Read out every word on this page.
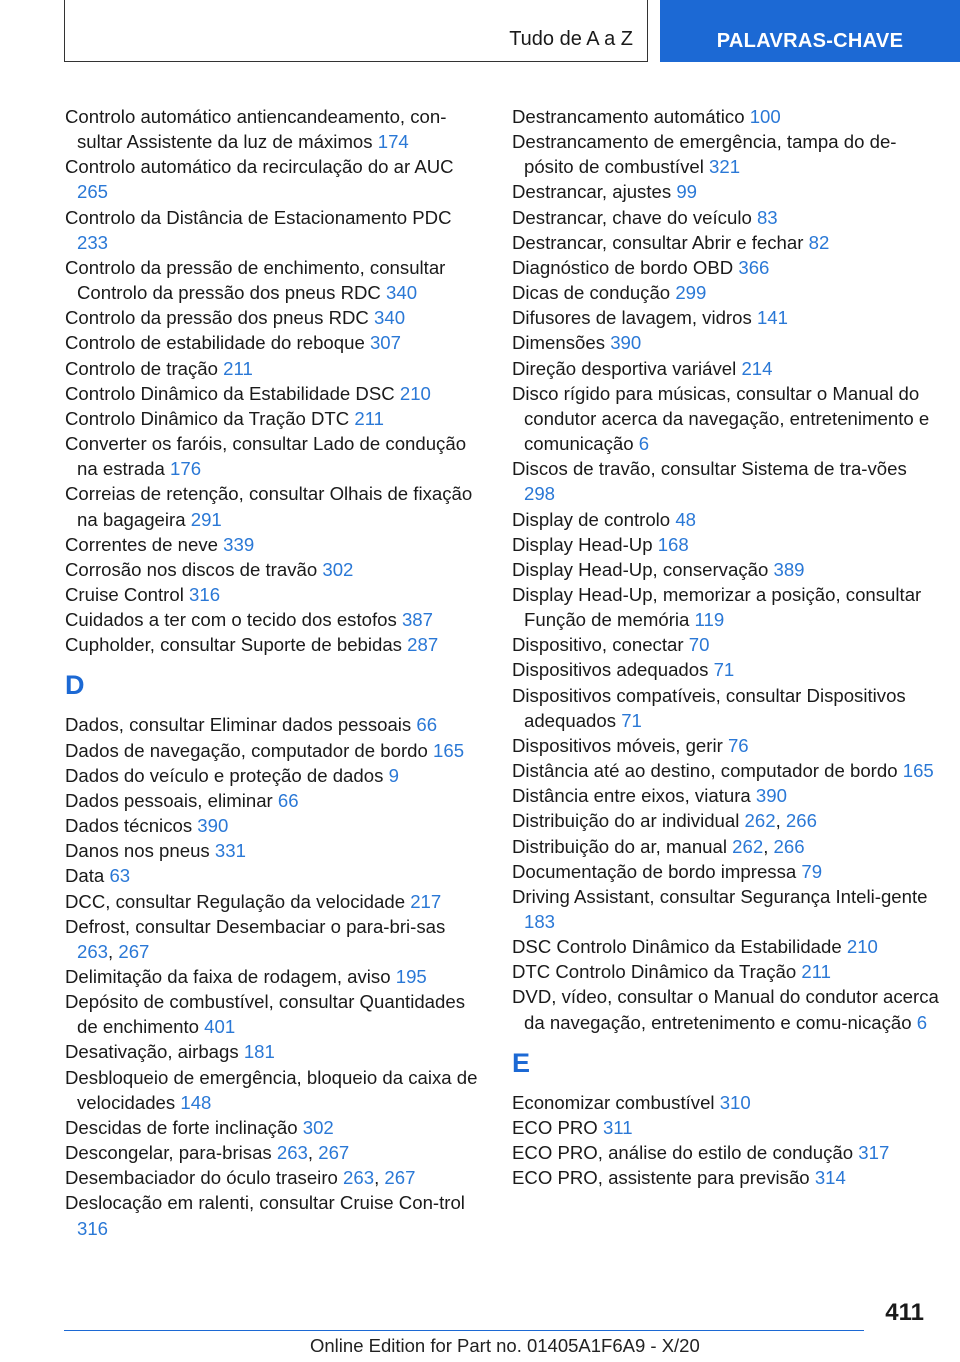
Tudo de A a Z	PALAVRAS-CHAVE
Controlo automático antiencandeamento, con‐sultar Assistente da luz de máximos 174
Controlo automático da recirculação do ar AUC 265
Controlo da Distância de Estacionamento PDC 233
Controlo da pressão de enchimento, consultar Controlo da pressão dos pneus RDC 340
Controlo da pressão dos pneus RDC 340
Controlo de estabilidade do reboque 307
Controlo de tração 211
Controlo Dinâmico da Estabilidade DSC 210
Controlo Dinâmico da Tração DTC 211
Converter os faróis, consultar Lado de condução na estrada 176
Correias de retenção, consultar Olhais de fixação na bagageira 291
Correntes de neve 339
Corrosão nos discos de travão 302
Cruise Control 316
Cuidados a ter com o tecido dos estofos 387
Cupholder, consultar Suporte de bebidas 287
D
Dados, consultar Eliminar dados pessoais 66
Dados de navegação, computador de bordo 165
Dados do veículo e proteção de dados 9
Dados pessoais, eliminar 66
Dados técnicos 390
Danos nos pneus 331
Data 63
DCC, consultar Regulação da velocidade 217
Defrost, consultar Desembaciar o para-bri‐sas 263, 267
Delimitação da faixa de rodagem, aviso 195
Depósito de combustível, consultar Quantidades de enchimento 401
Desativação, airbags 181
Desbloqueio de emergência, bloqueio da caixa de velocidades 148
Descidas de forte inclinação 302
Descongelar, para-brisas 263, 267
Desembaciador do óculo traseiro 263, 267
Deslocação em ralenti, consultar Cruise Con‐trol 316
Destrancamento automático 100
Destrancamento de emergência, tampa do de‐pósito de combustível 321
Destrancar, ajustes 99
Destrancar, chave do veículo 83
Destrancar, consultar Abrir e fechar 82
Diagnóstico de bordo OBD 366
Dicas de condução 299
Difusores de lavagem, vidros 141
Dimensões 390
Direção desportiva variável 214
Disco rígido para músicas, consultar o Manual do condutor acerca da navegação, entretenimento e comunicação 6
Discos de travão, consultar Sistema de tra‐vões 298
Display de controlo 48
Display Head-Up 168
Display Head-Up, conservação 389
Display Head-Up, memorizar a posição, consultar Função de memória 119
Dispositivo, conectar 70
Dispositivos adequados 71
Dispositivos compatíveis, consultar Dispositivos adequados 71
Dispositivos móveis, gerir 76
Distância até ao destino, computador de bordo 165
Distância entre eixos, viatura 390
Distribuição do ar individual 262, 266
Distribuição do ar, manual 262, 266
Documentação de bordo impressa 79
Driving Assistant, consultar Segurança Inteli‐gente 183
DSC Controlo Dinâmico da Estabilidade 210
DTC Controlo Dinâmico da Tração 211
DVD, vídeo, consultar o Manual do condutor acerca da navegação, entretenimento e comu‐nicação 6
E
Economizar combustível 310
ECO PRO 311
ECO PRO, análise do estilo de condução 317
ECO PRO, assistente para previsão 314
411
Online Edition for Part no. 01405A1F6A9 - X/20
